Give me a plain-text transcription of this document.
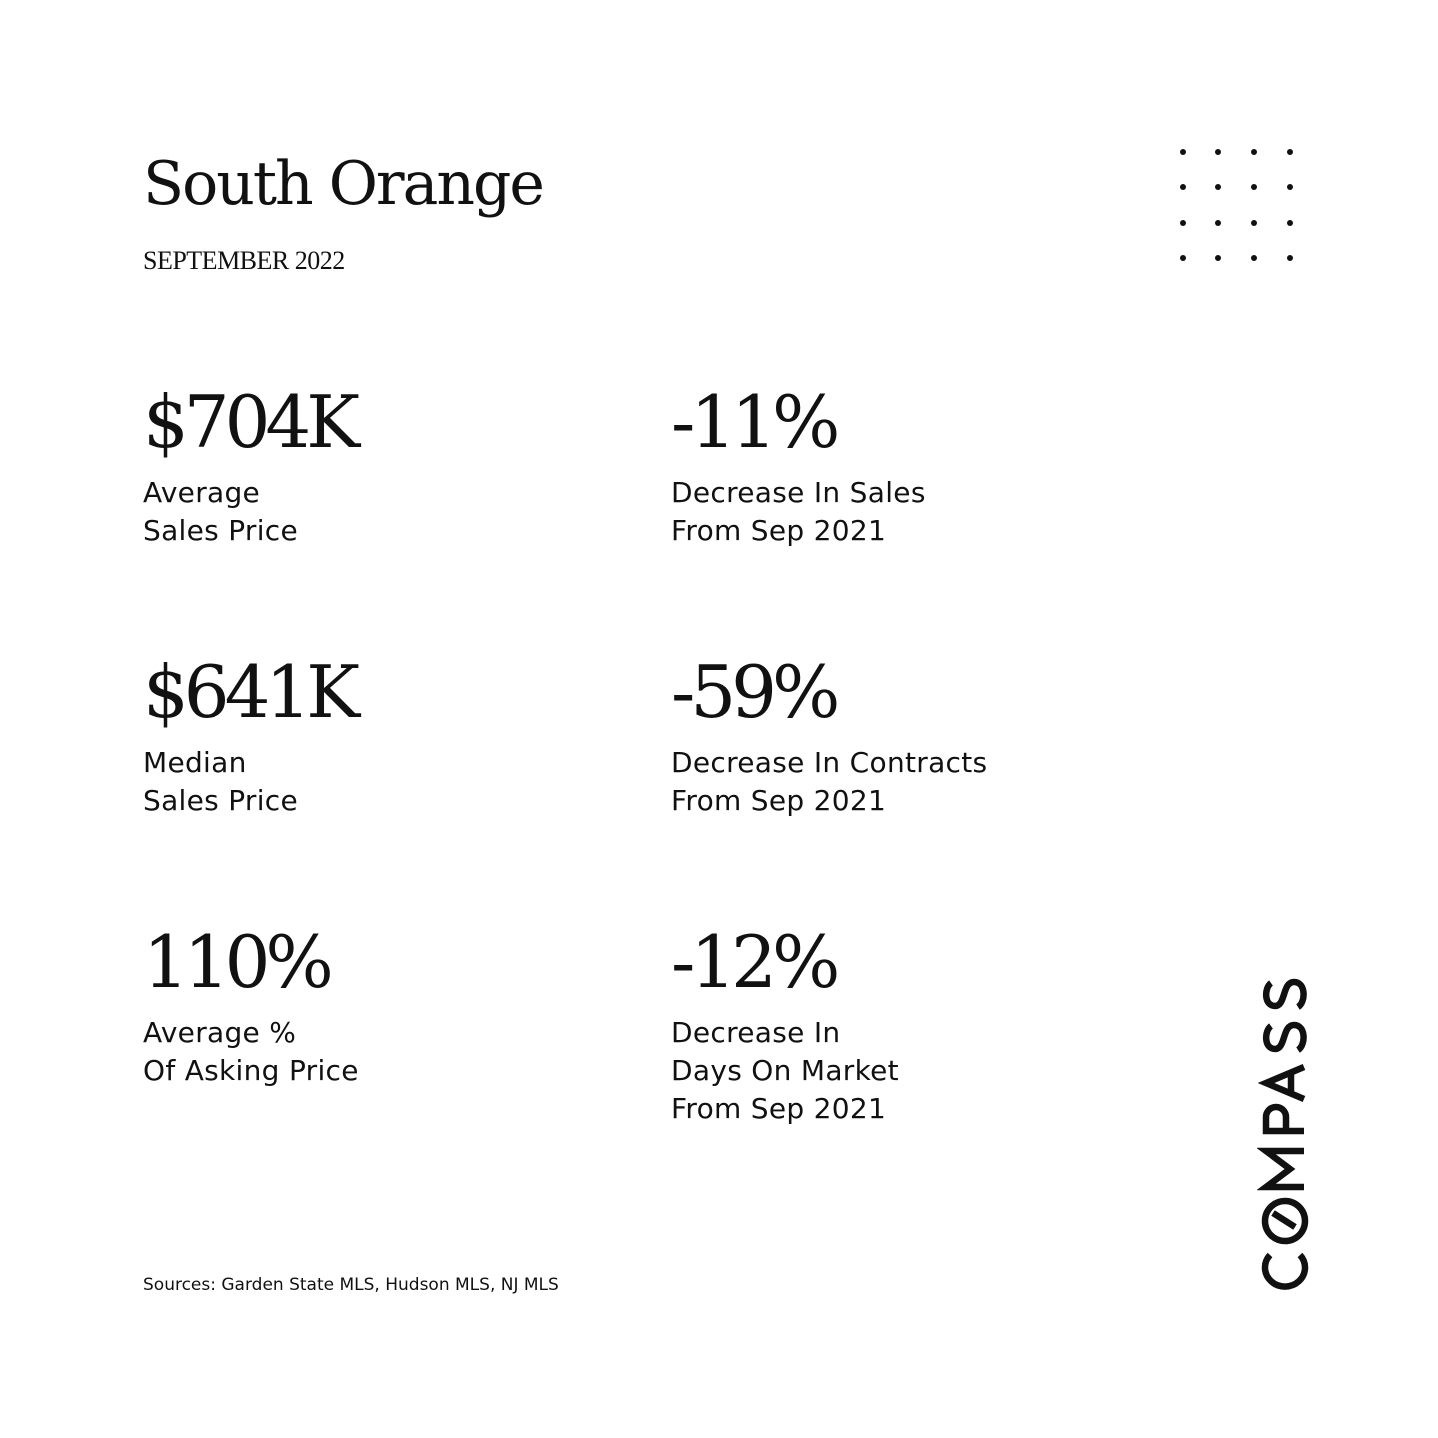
South Orange
SEPTEMBER 2022
$704K
Average
Sales Price
-11%
Decrease In Sales
From Sep 2021
$641K
Median
Sales Price
-59%
Decrease In Contracts
From Sep 2021
110%
Average %
Of Asking Price
-12%
Decrease In
Days On Market
From Sep 2021
Sources: Garden State MLS, Hudson MLS, NJ MLS
